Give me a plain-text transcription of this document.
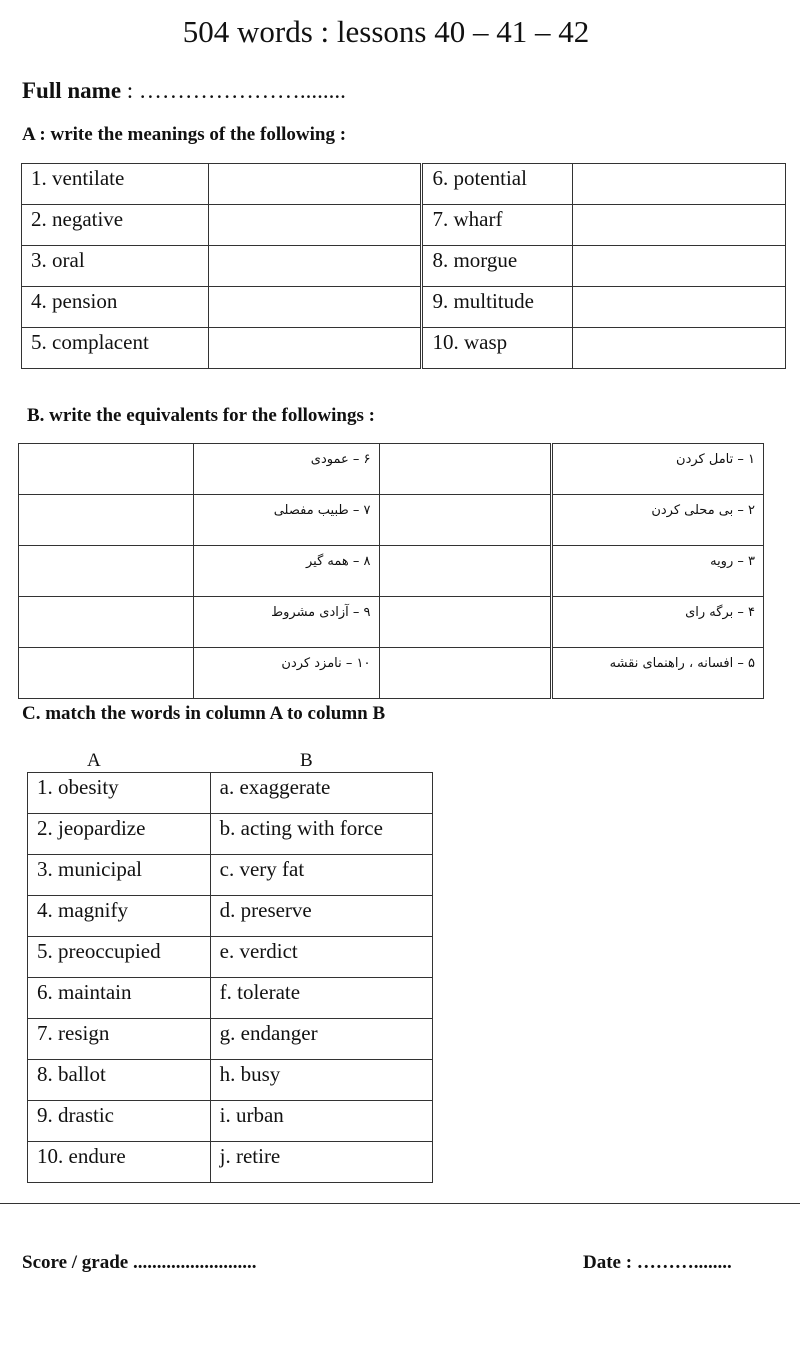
504 words : lessons 40 – 41 – 42
Full name : …………………........
A : write the meanings of the following :
1. ventilate		6. potential	
2. negative		7. wharf	
3. oral		8. morgue	
4. pension		9. multitude	
5. complacent		10. wasp	
B. write the equivalents for the followings :
	۶ – عمودی		۱ – تامل کردن
	۷ – طبیب مفصلی		۲ – بی محلی کردن
	۸ – همه گیر		۳ – رویه
	۹ – آزادی مشروط		۴ – برگه رای
	۱۰ – نامزد کردن		۵ – افسانه ، راهنمای نقشه
C. match the words in column A to column B
A	B
1. obesity	a. exaggerate
2. jeopardize	b. acting with force
3. municipal	c. very fat
4. magnify	d. preserve
5. preoccupied	e. verdict
6. maintain	f. tolerate
7. resign	g. endanger
8. ballot	h. busy
9. drastic	i. urban
10. endure	j. retire
Score / grade ..........................	Date : ………........
